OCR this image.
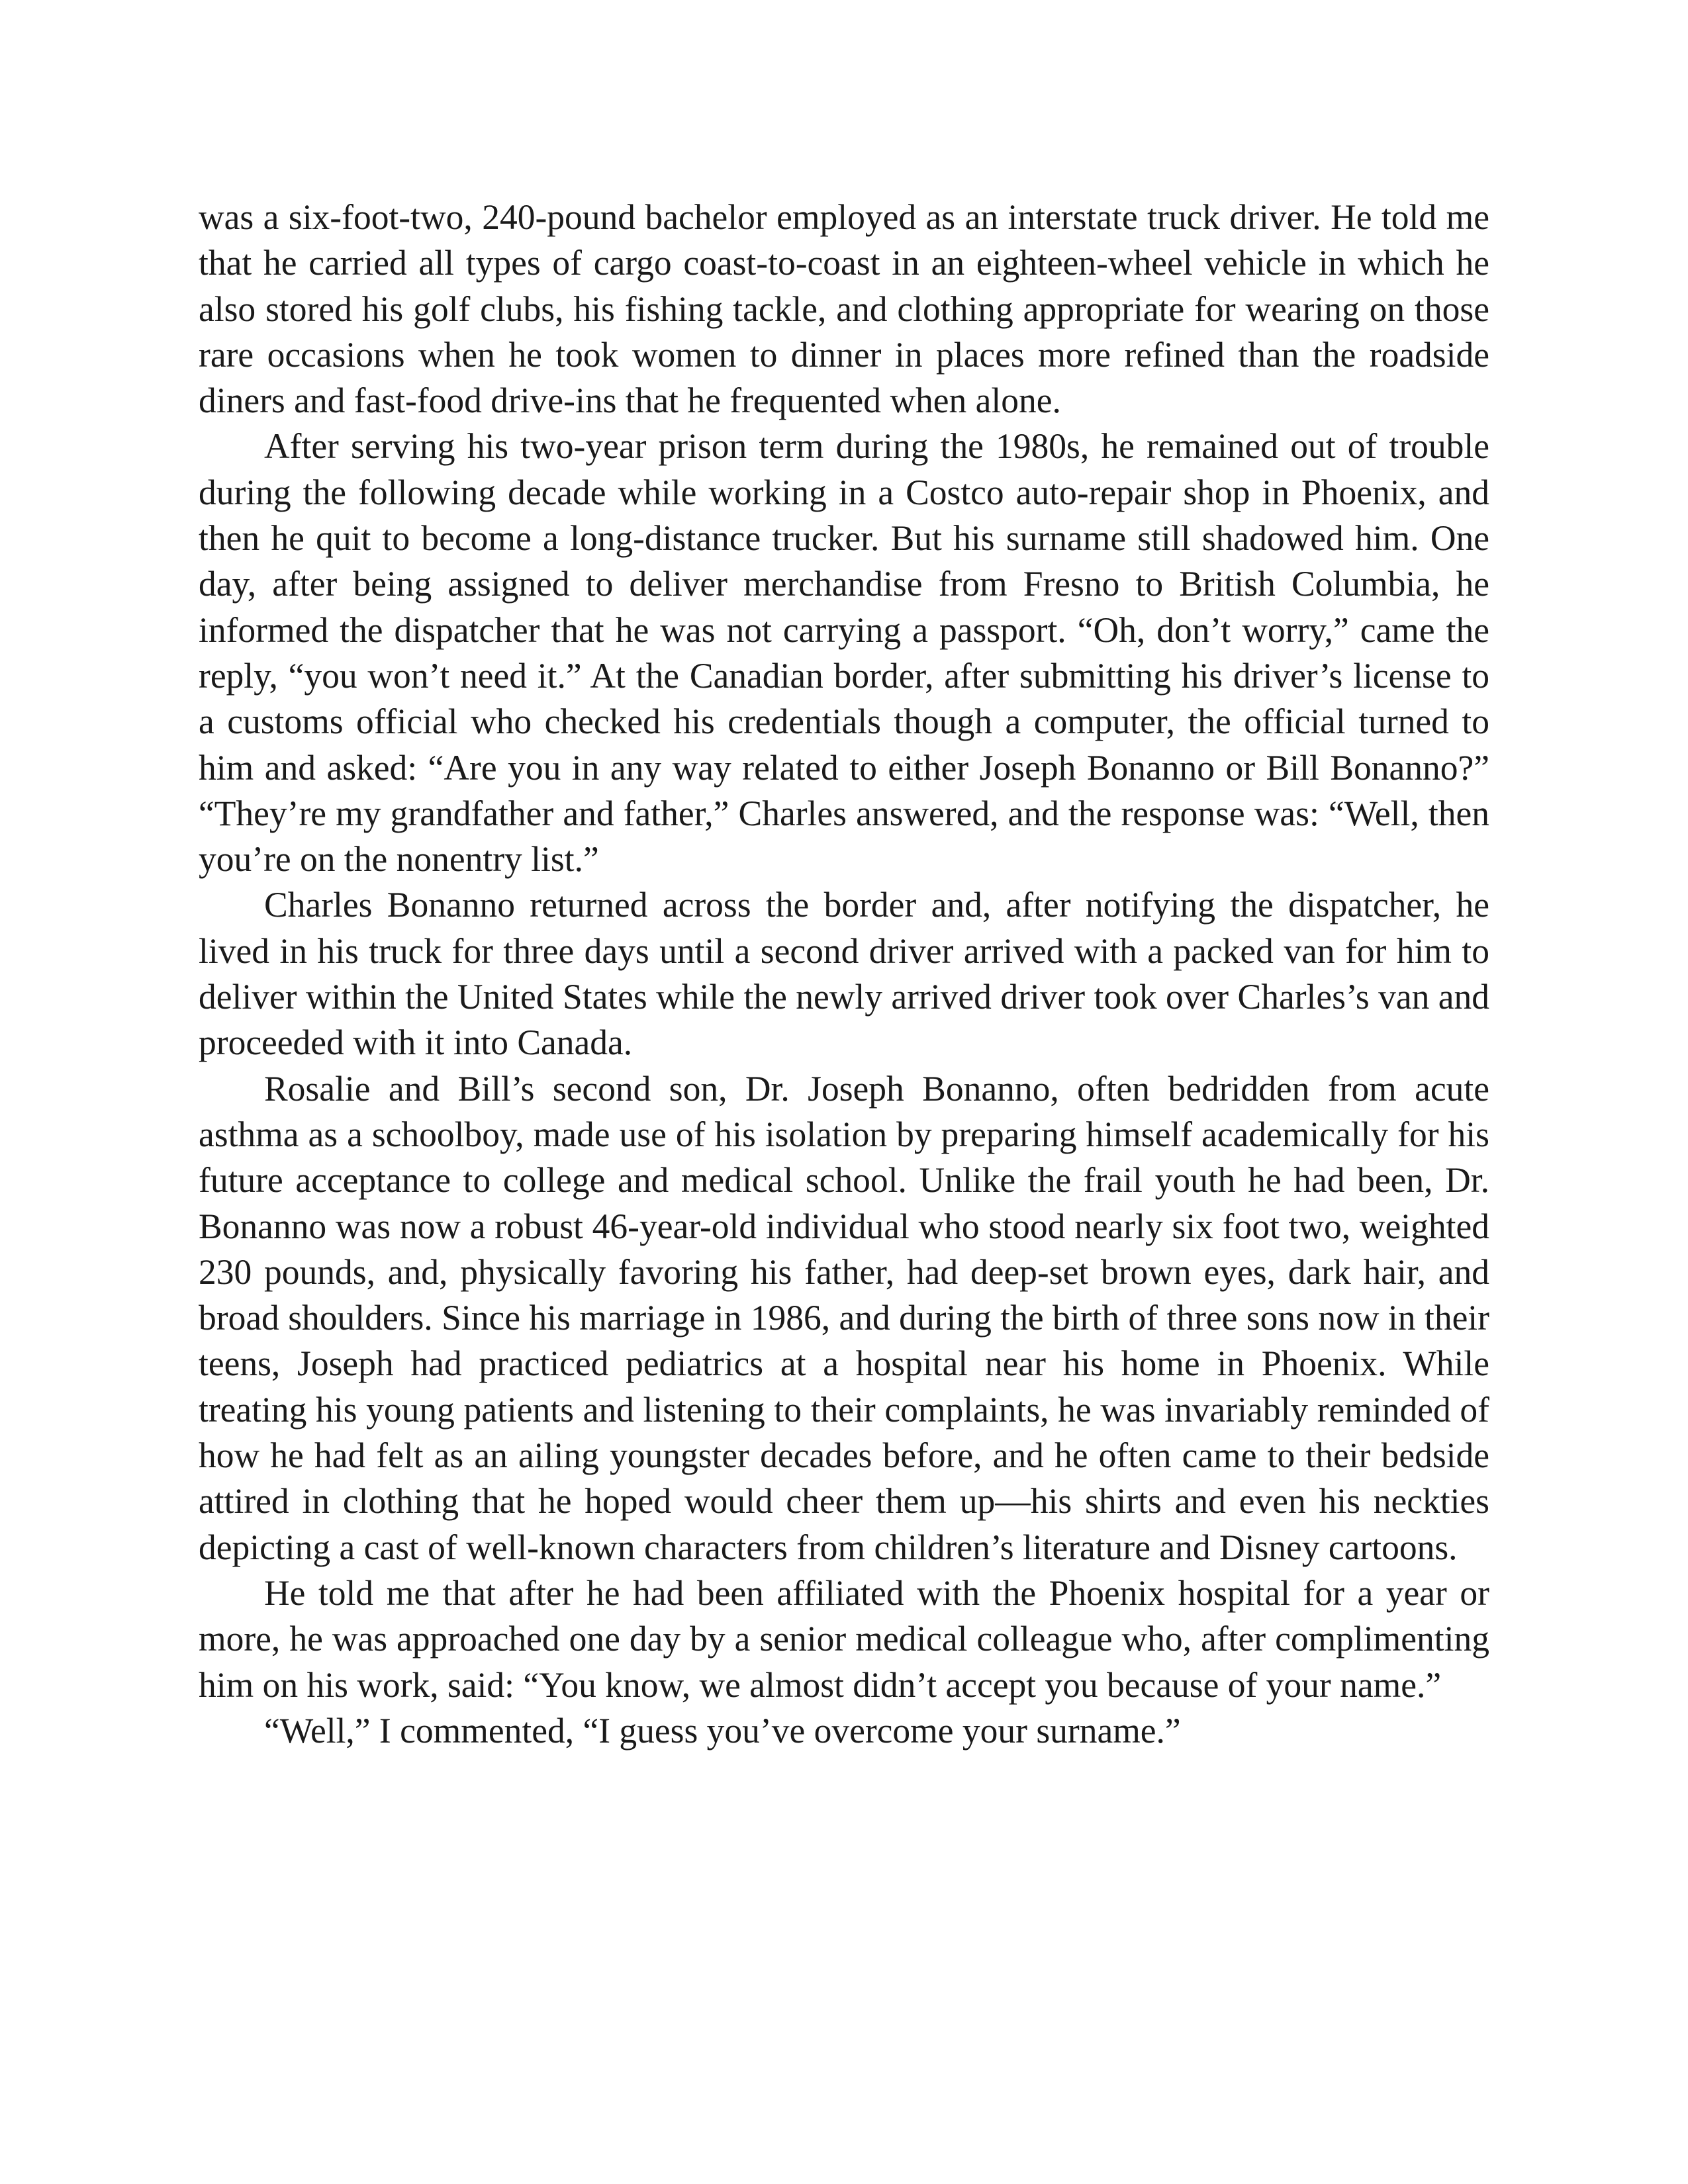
was a six-foot-two, 240-pound bachelor employed as an interstate truck driver. He told me that he carried all types of cargo coast-to-coast in an eighteen-wheel vehicle in which he also stored his golf clubs, his fishing tackle, and clothing appropriate for wearing on those rare occasions when he took women to dinner in places more refined than the roadside diners and fast-food drive-ins that he frequented when alone.

After serving his two-year prison term during the 1980s, he remained out of trouble during the following decade while working in a Costco auto-repair shop in Phoenix, and then he quit to become a long-distance trucker. But his surname still shadowed him. One day, after being assigned to deliver merchandise from Fresno to British Columbia, he informed the dispatcher that he was not carrying a passport. “Oh, don’t worry,” came the reply, “you won’t need it.” At the Canadian border, after submitting his driver’s license to a customs official who checked his credentials though a computer, the official turned to him and asked: “Are you in any way related to either Joseph Bonanno or Bill Bonanno?” “They’re my grandfather and father,” Charles answered, and the response was: “Well, then you’re on the nonentry list.”

Charles Bonanno returned across the border and, after notifying the dispatcher, he lived in his truck for three days until a second driver arrived with a packed van for him to deliver within the United States while the newly arrived driver took over Charles’s van and proceeded with it into Canada.

Rosalie and Bill’s second son, Dr. Joseph Bonanno, often bedridden from acute asthma as a schoolboy, made use of his isolation by preparing himself academically for his future acceptance to college and medical school. Unlike the frail youth he had been, Dr. Bonanno was now a robust 46-year-old individual who stood nearly six foot two, weighted 230 pounds, and, physically favoring his father, had deep-set brown eyes, dark hair, and broad shoulders. Since his marriage in 1986, and during the birth of three sons now in their teens, Joseph had practiced pediatrics at a hospital near his home in Phoenix. While treating his young patients and listening to their complaints, he was invariably reminded of how he had felt as an ailing youngster decades before, and he often came to their bedside attired in clothing that he hoped would cheer them up—his shirts and even his neckties depicting a cast of well-known characters from children’s literature and Disney cartoons.

He told me that after he had been affiliated with the Phoenix hospital for a year or more, he was approached one day by a senior medical colleague who, after complimenting him on his work, said: “You know, we almost didn’t accept you because of your name.”

“Well,” I commented, “I guess you’ve overcome your surname.”
